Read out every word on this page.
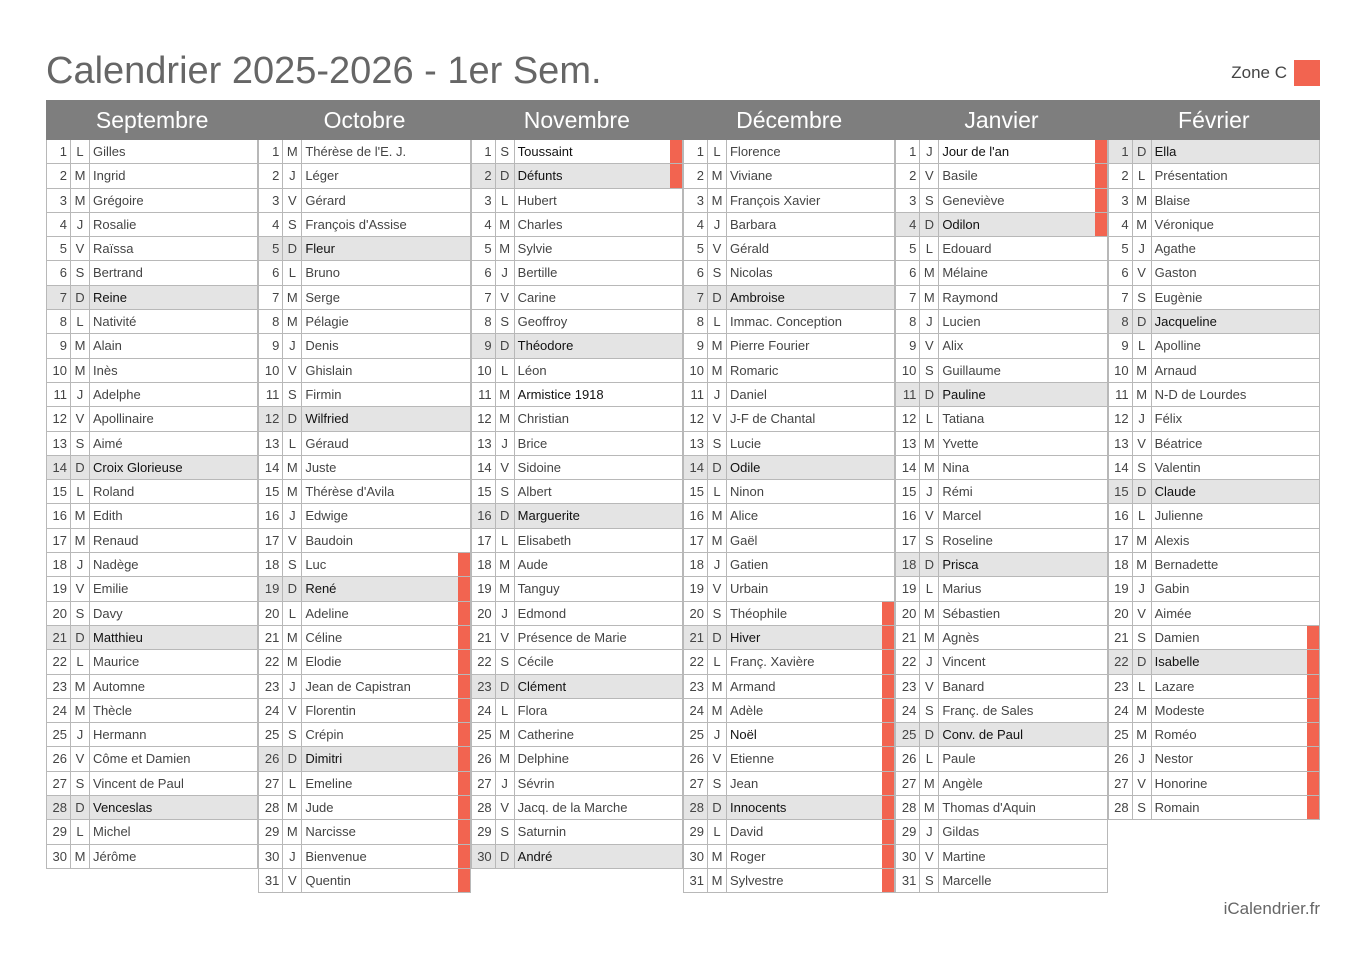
Calendrier 2025-2026 - 1er Sem.	Zone C
Septembre
1 L Gilles
2 M Ingrid
3 M Grégoire
4 J Rosalie
5 V Raïssa
6 S Bertrand
7 D Reine
8 L Nativité
9 M Alain
10 M Inès
11 J Adelphe
12 V Apollinaire
13 S Aimé
14 D Croix Glorieuse
15 L Roland
16 M Edith
17 M Renaud
18 J Nadège
19 V Emilie
20 S Davy
21 D Matthieu
22 L Maurice
23 M Automne
24 M Thècle
25 J Hermann
26 V Côme et Damien
27 S Vincent de Paul
28 D Venceslas
29 L Michel
30 M Jérôme
Octobre
1 M Thérèse de l'E. J.
2 J Léger
3 V Gérard
4 S François d'Assise
5 D Fleur
6 L Bruno
7 M Serge
8 M Pélagie
9 J Denis
10 V Ghislain
11 S Firmin
12 D Wilfried
13 L Géraud
14 M Juste
15 M Thérèse d'Avila
16 J Edwige
17 V Baudoin
18 S Luc
19 D René
20 L Adeline
21 M Céline
22 M Elodie
23 J Jean de Capistran
24 V Florentin
25 S Crépin
26 D Dimitri
27 L Emeline
28 M Jude
29 M Narcisse
30 J Bienvenue
31 V Quentin
Novembre
1 S Toussaint
2 D Défunts
3 L Hubert
4 M Charles
5 M Sylvie
6 J Bertille
7 V Carine
8 S Geoffroy
9 D Théodore
10 L Léon
11 M Armistice 1918
12 M Christian
13 J Brice
14 V Sidoine
15 S Albert
16 D Marguerite
17 L Elisabeth
18 M Aude
19 M Tanguy
20 J Edmond
21 V Présence de Marie
22 S Cécile
23 D Clément
24 L Flora
25 M Catherine
26 M Delphine
27 J Sévrin
28 V Jacq. de la Marche
29 S Saturnin
30 D André
Décembre
1 L Florence
2 M Viviane
3 M François Xavier
4 J Barbara
5 V Gérald
6 S Nicolas
7 D Ambroise
8 L Immac. Conception
9 M Pierre Fourier
10 M Romaric
11 J Daniel
12 V J-F de Chantal
13 S Lucie
14 D Odile
15 L Ninon
16 M Alice
17 M Gaël
18 J Gatien
19 V Urbain
20 S Théophile
21 D Hiver
22 L Franç. Xavière
23 M Armand
24 M Adèle
25 J Noël
26 V Etienne
27 S Jean
28 D Innocents
29 L David
30 M Roger
31 M Sylvestre
Janvier
1 J Jour de l'an
2 V Basile
3 S Geneviève
4 D Odilon
5 L Edouard
6 M Mélaine
7 M Raymond
8 J Lucien
9 V Alix
10 S Guillaume
11 D Pauline
12 L Tatiana
13 M Yvette
14 M Nina
15 J Rémi
16 V Marcel
17 S Roseline
18 D Prisca
19 L Marius
20 M Sébastien
21 M Agnès
22 J Vincent
23 V Banard
24 S Franç. de Sales
25 D Conv. de Paul
26 L Paule
27 M Angèle
28 M Thomas d'Aquin
29 J Gildas
30 V Martine
31 S Marcelle
Février
1 D Ella
2 L Présentation
3 M Blaise
4 M Véronique
5 J Agathe
6 V Gaston
7 S Eugènie
8 D Jacqueline
9 L Apolline
10 M Arnaud
11 M N-D de Lourdes
12 J Félix
13 V Béatrice
14 S Valentin
15 D Claude
16 L Julienne
17 M Alexis
18 M Bernadette
19 J Gabin
20 V Aimée
21 S Damien
22 D Isabelle
23 L Lazare
24 M Modeste
25 M Roméo
26 J Nestor
27 V Honorine
28 S Romain
iCalendrier.fr
